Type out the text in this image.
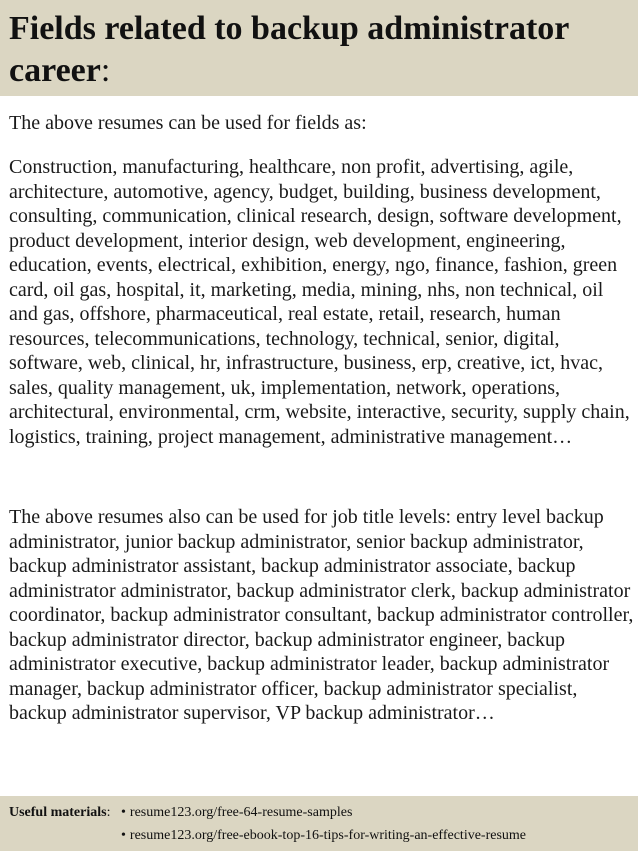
Fields related to backup administrator career:

The above resumes can be used for fields as:

Construction, manufacturing, healthcare, non profit, advertising, agile, architecture, automotive, agency, budget, building, business development, consulting, communication, clinical research, design, software development, product development, interior design, web development, engineering, education, events, electrical, exhibition, energy, ngo, finance, fashion, green card, oil gas, hospital, it, marketing, media, mining, nhs, non technical, oil and gas, offshore, pharmaceutical, real estate, retail, research, human resources, telecommunications, technology, technical, senior, digital, software, web, clinical, hr, infrastructure, business, erp, creative, ict, hvac, sales, quality management, uk, implementation, network, operations, architectural, environmental, crm, website, interactive, security, supply chain, logistics, training, project management, administrative management…

The above resumes also can be used for job title levels: entry level backup administrator, junior backup administrator, senior backup administrator, backup administrator assistant, backup administrator associate, backup administrator administrator, backup administrator clerk, backup administrator coordinator, backup administrator consultant, backup administrator controller, backup administrator director, backup administrator engineer, backup administrator executive, backup administrator leader, backup administrator manager, backup administrator officer, backup administrator specialist, backup administrator supervisor, VP backup administrator…

Useful materials: • resume123.org/free-64-resume-samples
• resume123.org/free-ebook-top-16-tips-for-writing-an-effective-resume
